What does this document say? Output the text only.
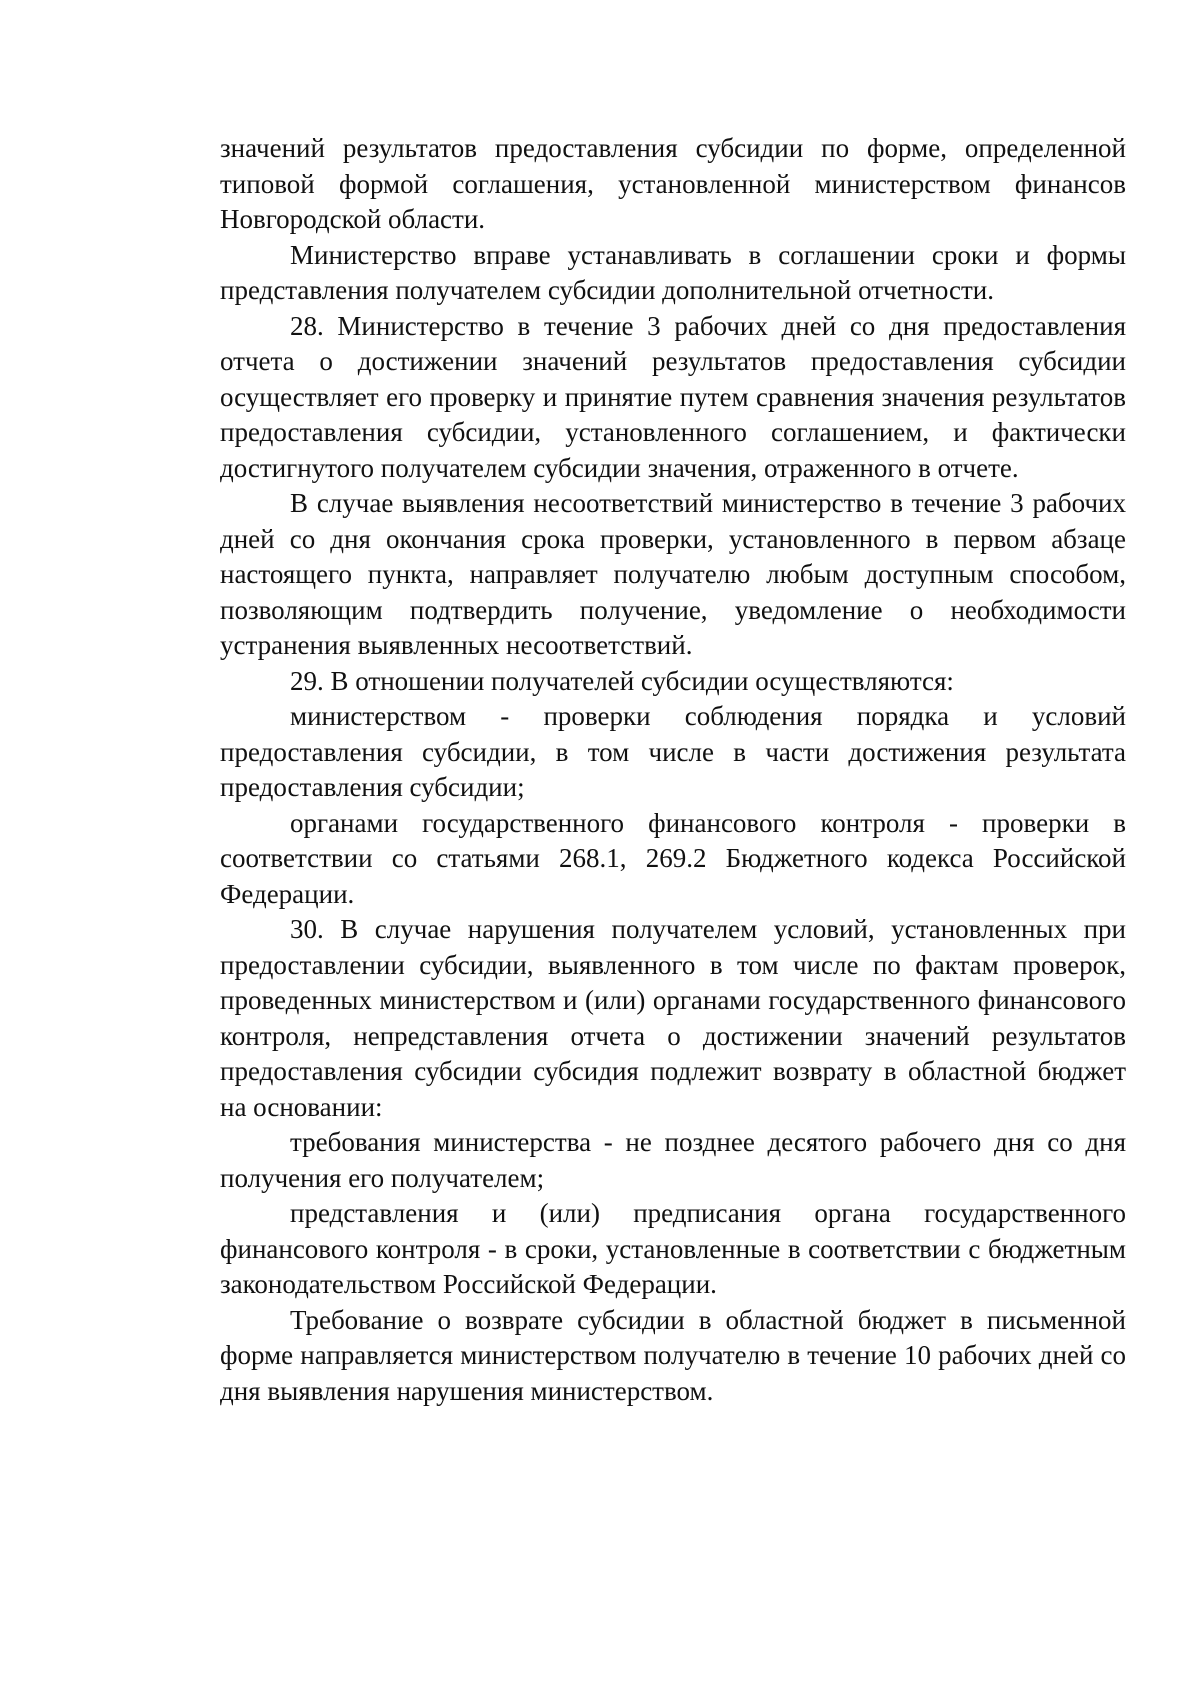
значений результатов предоставления субсидии по форме, определенной типовой формой соглашения, установленной министерством финансов Новгородской области.

Министерство вправе устанавливать в соглашении сроки и формы представления получателем субсидии дополнительной отчетности.

28. Министерство в течение 3 рабочих дней со дня предоставления отчета о достижении значений результатов предоставления субсидии осуществляет его проверку и принятие путем сравнения значения результатов предоставления субсидии, установленного соглашением, и фактически достигнутого получателем субсидии значения, отраженного в отчете.

В случае выявления несоответствий министерство в течение 3 рабочих дней со дня окончания срока проверки, установленного в первом абзаце настоящего пункта, направляет получателю любым доступным способом, позволяющим подтвердить получение, уведомление о необходимости устранения выявленных несоответствий.

29. В отношении получателей субсидии осуществляются:

министерством - проверки соблюдения порядка и условий предоставления субсидии, в том числе в части достижения результата предоставления субсидии;

органами государственного финансового контроля - проверки в соответствии со статьями 268.1, 269.2 Бюджетного кодекса Российской Федерации.

30. В случае нарушения получателем условий, установленных при предоставлении субсидии, выявленного в том числе по фактам проверок, проведенных министерством и (или) органами государственного финансового контроля, непредставления отчета о достижении значений результатов предоставления субсидии субсидия подлежит возврату в областной бюджет на основании:

требования министерства - не позднее десятого рабочего дня со дня получения его получателем;

представления и (или) предписания органа государственного финансового контроля - в сроки, установленные в соответствии с бюджетным законодательством Российской Федерации.

Требование о возврате субсидии в областной бюджет в письменной форме направляется министерством получателю в течение 10 рабочих дней со дня выявления нарушения министерством.
